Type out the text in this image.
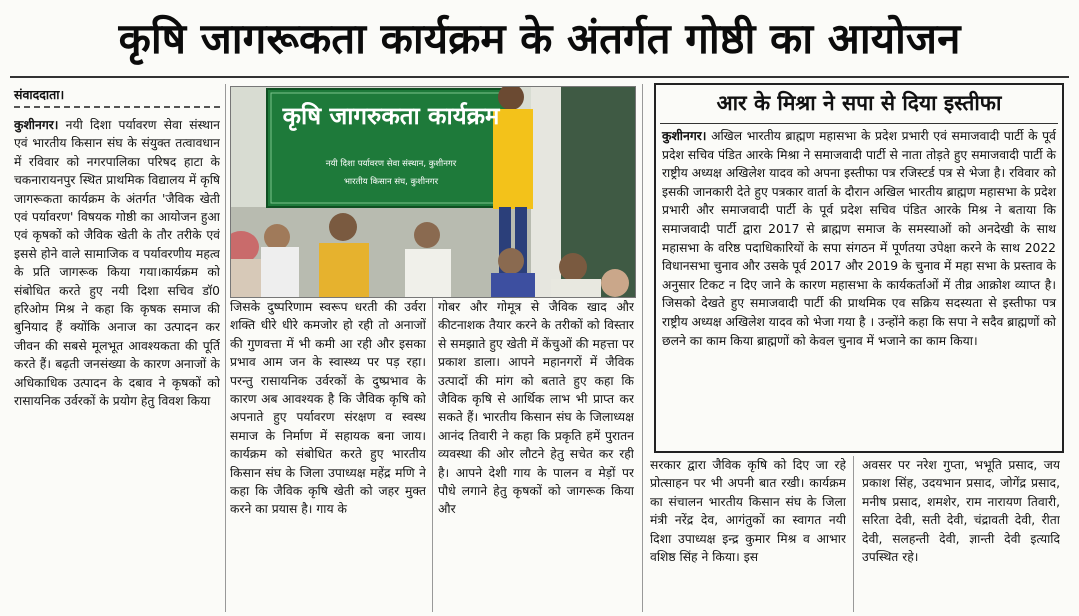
कृषि जागरूकता कार्यक्रम के अंतर्गत गोष्ठी का आयोजन
संवाददाता।

कुशीनगर। नयी दिशा पर्यावरण सेवा संस्थान एवं भारतीय किसान संघ के संयुक्त तत्वावधान में रविवार को नगरपालिका परिषद हाटा के चकनारायनपुर स्थित प्राथमिक विद्यालय में कृषि जागरूकता कार्यक्रम के अंतर्गत 'जैविक खेती एवं पर्यावरण' विषयक गोष्ठी का आयोजन हुआ एवं कृषकों को जैविक खेती के तौर तरीके एवं इससे होने वाले सामाजिक व पर्यावरणीय महत्व के प्रति जागरूक किया गया।कार्यक्रम को संबोधित करते हुए नयी दिशा सचिव डॉ0 हरिओम मिश्र ने कहा कि कृषक समाज की बुनियाद हैं क्योंकि अनाज का उत्पादन कर जीवन की सबसे मूलभूत आवश्यकता की पूर्ति करते हैं। बढ़ती जनसंख्या के कारण अनाजों के अधिकाधिक उत्पादन के दबाव ने कृषकों को रासायनिक उर्वरकों के प्रयोग हेतु विवश किया

कृषि जागरुकता कार्यक्रम
नयी दिशा पर्यावरण सेवा संस्थान, कुशीनगर
भारतीय किसान संघ, कुशीनगर

जिसके दुष्परिणाम स्वरूप धरती की उर्वरा शक्ति धीरे धीरे कमजोर हो रही तो अनाजों की गुणवत्ता में भी कमी आ रही और इसका प्रभाव आम जन के स्वास्थ्य पर पड़ रहा। परन्तु रासायनिक उर्वरकों के दुष्प्रभाव के कारण अब आवश्यक है कि जैविक कृषि को अपनाते हुए पर्यावरण संरक्षण व स्वस्थ समाज के निर्माण में सहायक बना जाय। कार्यक्रम को संबोधित करते हुए भारतीय किसान संघ के जिला उपाध्यक्ष महेंद्र मणि ने कहा कि जैविक कृषि खेती को जहर मुक्त करने का प्रयास है। गाय के

गोबर और गोमूत्र से जैविक खाद और कीटनाशक तैयार करने के तरीकों को विस्तार से समझाते हुए खेती में केंचुओं की महत्ता पर प्रकाश डाला। आपने महानगरों में जैविक उत्पादों की मांग को बताते हुए कहा कि जैविक कृषि से आर्थिक लाभ भी प्राप्त कर सकते हैं। भारतीय किसान संघ के जिलाध्यक्ष आनंद तिवारी ने कहा कि प्रकृति हमें पुरातन व्यवस्था की ओर लौटने हेतु सचेत कर रही है। आपने देशी गाय के पालन व मेड़ों पर पौधे लगाने हेतु कृषकों को जागरूक किया और

आर के मिश्रा ने सपा से दिया इस्तीफा
कुशीनगर। अखिल भारतीय ब्राह्मण महासभा के प्रदेश प्रभारी एवं समाजवादी पार्टी के पूर्व प्रदेश सचिव पंडित आरके मिश्रा ने समाजवादी पार्टी से नाता तोड़ते हुए समाजवादी पार्टी के राष्ट्रीय अध्यक्ष अखिलेश यादव को अपना इस्तीफा पत्र रजिस्टर्ड पत्र से भेजा है। रविवार को इसकी जानकारी देते हुए पत्रकार वार्ता के दौरान अखिल भारतीय ब्राह्मण महासभा के प्रदेश प्रभारी और समाजवादी पार्टी के पूर्व प्रदेश सचिव पंडित आरके मिश्र ने बताया कि समाजवादी पार्टी द्वारा 2017 से ब्राह्मण समाज के समस्याओं को अनदेखी के साथ महासभा के वरिष्ठ पदाधिकारियों के सपा संगठन में पूर्णतया उपेक्षा करने के साथ 2022 विधानसभा चुनाव और उसके पूर्व 2017 और 2019 के चुनाव में महा सभा के प्रस्ताव के अनुसार टिकट न दिए जाने के कारण महासभा के कार्यकर्ताओं में तीव्र आक्रोश व्याप्त है। जिसको देखते हुए समाजवादी पार्टी की प्राथमिक एव सक्रिय सदस्यता से इस्तीफा पत्र राष्ट्रीय अध्यक्ष अखिलेश यादव को भेजा गया है । उन्होंने कहा कि सपा ने सदैव ब्राह्मणों को छलने का काम किया ब्राह्मणों को केवल चुनाव में भजाने का काम किया।

सरकार द्वारा जैविक कृषि को दिए जा रहे प्रोत्साहन पर भी अपनी बात रखी। कार्यक्रम का संचालन भारतीय किसान संघ के जिला मंत्री नरेंद्र देव, आगंतुकों का स्वागत नयी दिशा उपाध्यक्ष इन्द्र कुमार मिश्र व आभार वशिष्ठ सिंह ने किया। इस

अवसर पर नरेश गुप्ता, भभूति प्रसाद, जय प्रकाश सिंह, उदयभान प्रसाद, जोगेंद्र प्रसाद, मनीष प्रसाद, शमशेर, राम नारायण तिवारी, सरिता देवी, सती देवी, चंद्रावती देवी, रीता देवी, सलहन्ती देवी, ज्ञान्ती देवी इत्यादि उपस्थित रहे।
